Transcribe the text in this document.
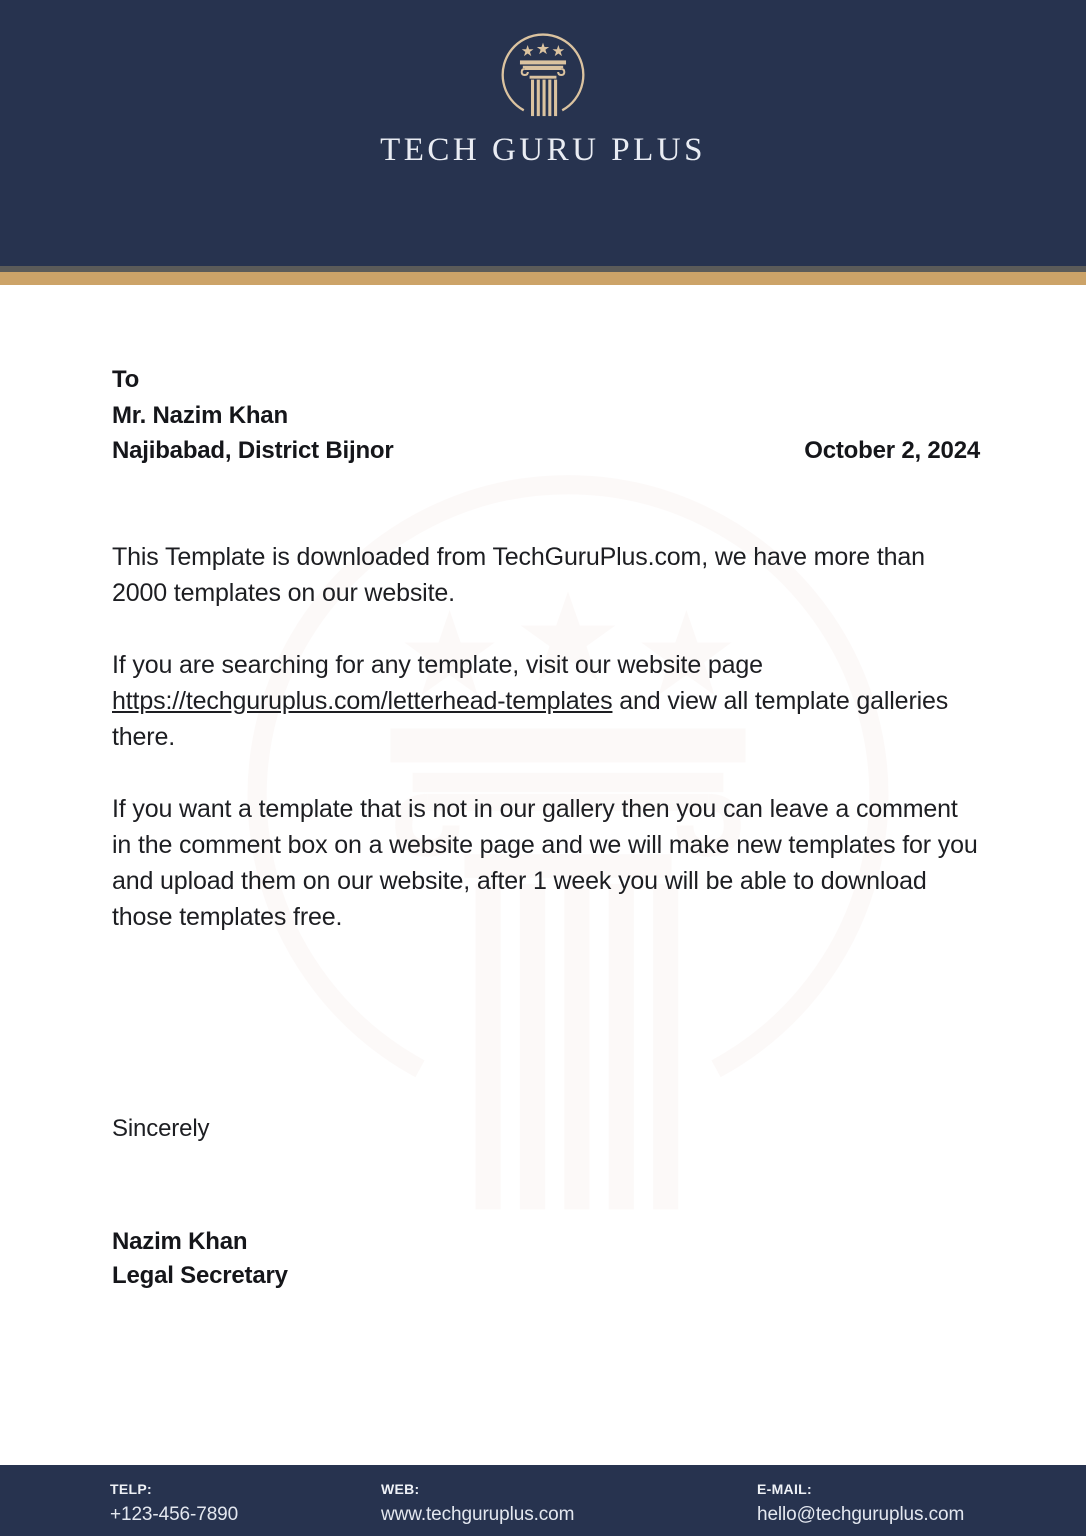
TECH GURU PLUS
To
Mr. Nazim Khan
Najibabad, District Bijnor	October 2, 2024

This Template is downloaded from TechGuruPlus.com, we have more than 2000 templates on our website.

If you are searching for any template, visit our website page https://techguruplus.com/letterhead-templates and view all template galleries there.

If you want a template that is not in our gallery then you can leave a comment in the comment box on a website page and we will make new templates for you and upload them on our website, after 1 week you will be able to download those templates free.

Sincerely
Nazim Khan
Legal Secretary
TELP:
+123-456-7890
WEB:
www.techguruplus.com
E-MAIL:
hello@techguruplus.com
